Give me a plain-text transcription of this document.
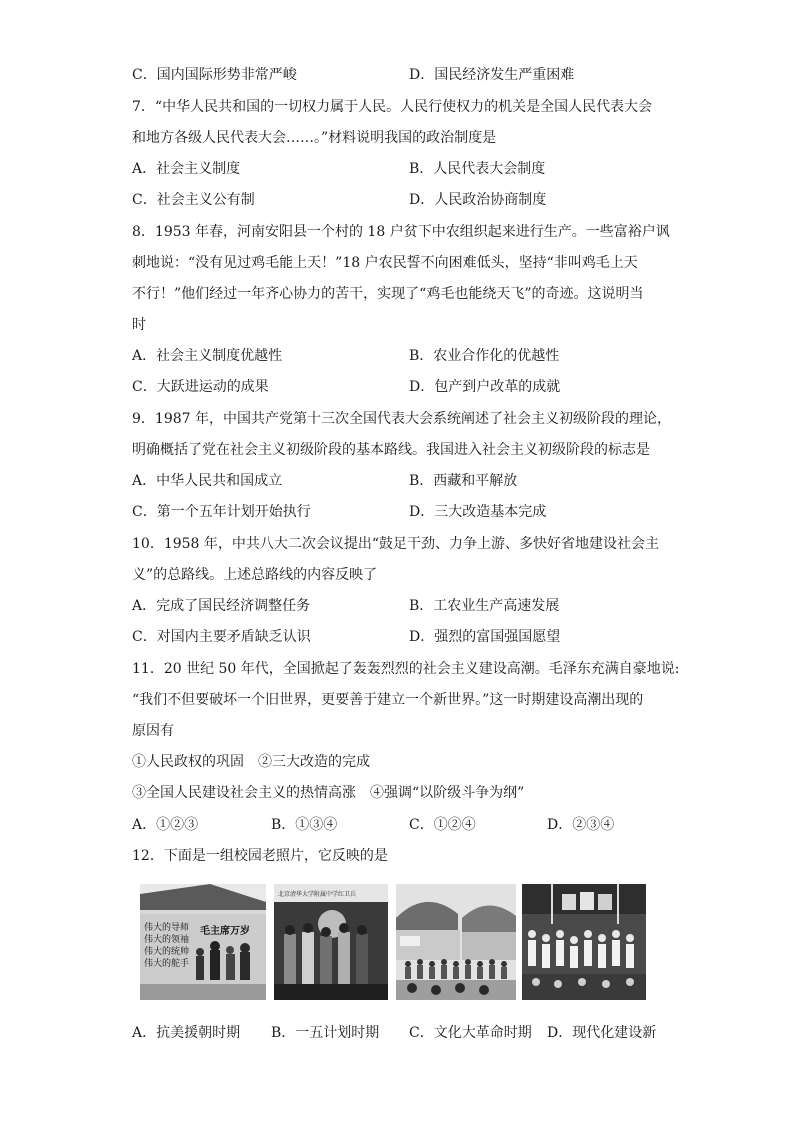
C．国内国际形势非常严峻	D．国民经济发生严重困难
7．“中华人民共和国的一切权力属于人民。人民行使权力的机关是全国人民代表大会
和地方各级人民代表大会……。”材料说明我国的政治制度是
A．社会主义制度	B．人民代表大会制度
C．社会主义公有制	D．人民政治协商制度
8．1953 年春，河南安阳县一个村的 18 户贫下中农组织起来进行生产。一些富裕户讽
刺地说：“没有见过鸡毛能上天！”18 户农民誓不向困难低头，坚持“非叫鸡毛上天
不行！”他们经过一年齐心协力的苦干，实现了“鸡毛也能绕天飞”的奇迹。这说明当
时
A．社会主义制度优越性	B．农业合作化的优越性
C．大跃进运动的成果	D．包产到户改革的成就
9．1987 年，中国共产党第十三次全国代表大会系统阐述了社会主义初级阶段的理论，
明确概括了党在社会主义初级阶段的基本路线。我国进入社会主义初级阶段的标志是
A．中华人民共和国成立	B．西藏和平解放
C．第一个五年计划开始执行	D．三大改造基本完成
10．1958 年，中共八大二次会议提出“鼓足干劲、力争上游、多快好省地建设社会主
义”的总路线。上述总路线的内容反映了
A．完成了国民经济调整任务	B．工农业生产高速发展
C．对国内主要矛盾缺乏认识	D．强烈的富国强国愿望
11．20 世纪 50 年代，全国掀起了轰轰烈烈的社会主义建设高潮。毛泽东充满自豪地说:
“我们不但要破坏一个旧世界，更要善于建立一个新世界。”这一时期建设高潮出现的
原因有
①人民政权的巩固　②三大改造的完成
③全国人民建设社会主义的热情高涨　④强调“以阶级斗争为纲”
A．①②③	B．①③④	C．①②④	D．②③④
12．下面是一组校园老照片，它反映的是
伟大的导师
伟大的领袖
伟大的统帅
伟大的舵手
毛主席万岁
北京清华大学附属中学红卫兵
A．抗美援朝时期 B．一五计划时期 C．文化大革命时期 D．现代化建设新
